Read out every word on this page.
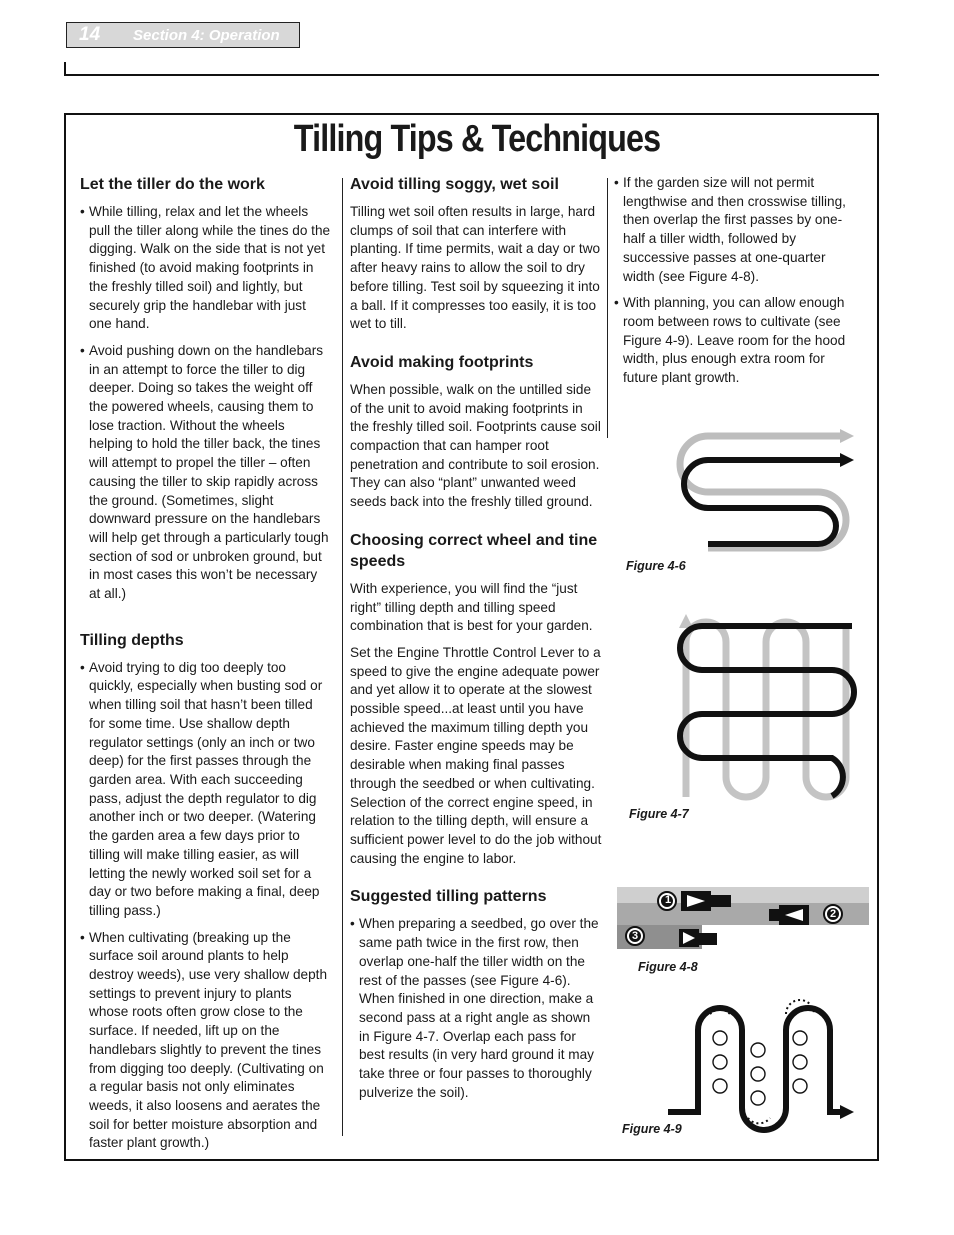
14 Section 4: Operation
Tilling Tips & Techniques
Let the tiller do the work
• While tilling, relax and let the wheels pull the tiller along while the tines do the digging. Walk on the side that is not yet finished (to avoid making footprints in the freshly tilled soil) and lightly, but securely grip the handlebar with just one hand.
• Avoid pushing down on the handlebars in an attempt to force the tiller to dig deeper. Doing so takes the weight off the powered wheels, causing them to lose traction. Without the wheels helping to hold the tiller back, the tines will attempt to propel the tiller – often causing the tiller to skip rapidly across the ground. (Sometimes, slight downward pressure on the handlebars will help get through a particularly tough section of sod or unbroken ground, but in most cases this won’t be necessary at all.)
Tilling depths
• Avoid trying to dig too deeply too quickly, especially when busting sod or when tilling soil that hasn’t been tilled for some time. Use shallow depth regulator settings (only an inch or two deep) for the first passes through the garden area. With each succeeding pass, adjust the depth regulator to dig another inch or two deeper. (Watering the garden area a few days prior to tilling will make tilling easier, as will letting the newly worked soil set for a day or two before making a final, deep tilling pass.)
• When cultivating (breaking up the surface soil around plants to help destroy weeds), use very shallow depth settings to prevent injury to plants whose roots often grow close to the surface. If needed, lift up on the handlebars slightly to prevent the tines from digging too deeply. (Cultivating on a regular basis not only eliminates weeds, it also loosens and aerates the soil for better moisture absorption and faster plant growth.)
Avoid tilling soggy, wet soil

Tilling wet soil often results in large, hard clumps of soil that can interfere with planting. If time permits, wait a day or two after heavy rains to allow the soil to dry before tilling. Test soil by squeezing it into a ball. If it compresses too easily, it is too wet to till.

Avoid making footprints

When possible, walk on the untilled side of the unit to avoid making footprints in the freshly tilled soil. Footprints cause soil compaction that can hamper root penetration and contribute to soil erosion. They can also “plant” unwanted weed seeds back into the freshly tilled ground.

Choosing correct wheel and tine speeds

With experience, you will find the “just right” tilling depth and tilling speed combination that is best for your garden.

Set the Engine Throttle Control Lever to a speed to give the engine adequate power and yet allow it to operate at the slowest possible speed...at least until you have achieved the maximum tilling depth you desire. Faster engine speeds may be desirable when making final passes through the seedbed or when cultivating. Selection of the correct engine speed, in relation to the tilling depth, will ensure a sufficient power level to do the job without causing the engine to labor.

Suggested tilling patterns
• When preparing a seedbed, go over the same path twice in the first row, then overlap one-half the tiller width on the rest of the passes (see Figure 4-6). When finished in one direction, make a second pass at a right angle as shown in Figure 4-7. Overlap each pass for best results (in very hard ground it may take three or four passes to thoroughly pulverize the soil).
• If the garden size will not permit lengthwise and then crosswise tilling, then overlap the first passes by one-half a tiller width, followed by successive passes at one-quarter width (see Figure 4-8).
• With planning, you can allow enough room between rows to cultivate (see Figure 4-9). Leave room for the hood width, plus enough extra room for future plant growth.
Figure 4-6
Figure 4-7
1
2
3
Figure 4-8
Figure 4-9
